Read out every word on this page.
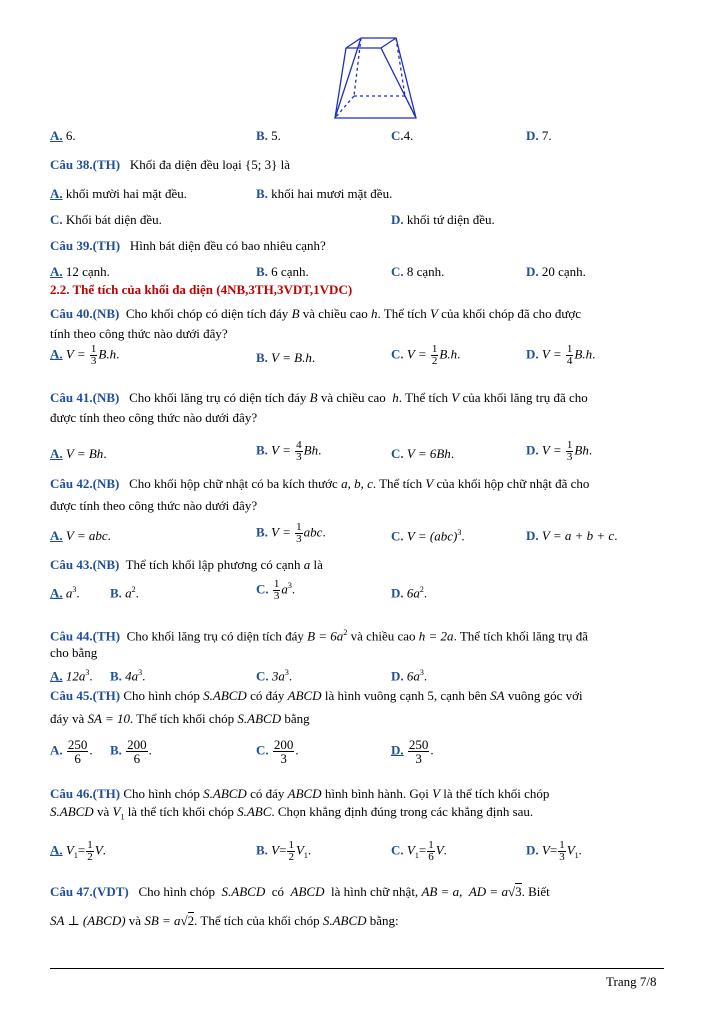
A. 6.	B. 5.	C.4.	D. 7.
Câu 38.(TH) Khối đa diện đều loại {5; 3} là
A. khối mười hai mặt đều.	B. khối hai mươi mặt đều.
C. Khối bát diện đều.	D. khối tứ diện đều.
Câu 39.(TH) Hình bát diện đều có bao nhiêu cạnh?
A. 12 cạnh.	B. 6 cạnh.	C. 8 cạnh.	D. 20 cạnh.
2.2. Thể tích của khối đa diện (4NB,3TH,3VDT,1VDC)
Câu 40.(NB) Cho khối chóp có diện tích đáy B và chiều cao h. Thể tích V của khối chóp đã cho được
tính theo công thức nào dưới đây?
A. $V = \frac{1}{3} B.h$.	B. V = B.h.	C. $V = \frac{1}{2} B.h$.	D. $V = \frac{1}{4} B.h$.
Câu 41.(NB) Cho khối lăng trụ có diện tích đáy B và chiều cao h. Thể tích V của khối lăng trụ đã cho
được tính theo công thức nào dưới đây?
A. V = Bh.	B. $V = \frac{4}{3} Bh$.	C. V = 6Bh.	D. $V = \frac{1}{3} Bh$.
Câu 42.(NB) Cho khối hộp chữ nhật có ba kích thước a, b, c. Thể tích V của khối hộp chữ nhật đã cho
được tính theo công thức nào dưới đây?
A. V = abc.	B. $V = \frac{1}{3}$ abc.	C. V = (abc)$^3$.	D. V = a + b + c.
Câu 43.(NB) Thể tích khối lập phương có cạnh a là
A. $a^3$. B. $a^2$.	C. $\frac{1}{3} a^3$.	D. $6a^2$.
Câu 44.(TH) Cho khối lăng trụ có diện tích đáy $B = 6a^2$ và chiều cao h = 2a. Thể tích khối lăng trụ đã
cho bằng
A. $12a^3$. B. $4a^3$.	C. $3a^3$.	D. $6a^3$.
Câu 45.(TH) Cho hình chóp S.ABCD có đáy ABCD là hình vuông cạnh 5, cạnh bên SA vuông góc với
đáy và SA = 10. Thể tích khối chóp S.ABCD bằng
A. $\frac{250}{6}$ . B. $\frac{200}{6}$ .	C. $\frac{200}{3}$ .	D. $\frac{250}{3}$ .
Câu 46.(TH) Cho hình chóp S.ABCD có đáy ABCD hình bình hành. Gọi V là thể tích khối chóp
S.ABCD và $V_1$ là thể tích khối chóp S.ABC. Chọn khẳng định đúng trong các khẳng định sau.
A. $V_1= \frac{1}{2} V$.	B. $V= \frac{1}{2} V_1$.	C. $V_1= \frac{1}{6} V$.	D. $V= \frac{1}{3} V_1$.
Câu 47.(VDT) Cho hình chóp S.ABCD có ABCD là hình chữ nhật, AB = a, AD = a√3. Biết
SA ⊥ (ABCD) và SB = a√2. Thể tích của khối chóp S.ABCD bằng:
Trang 7/8
